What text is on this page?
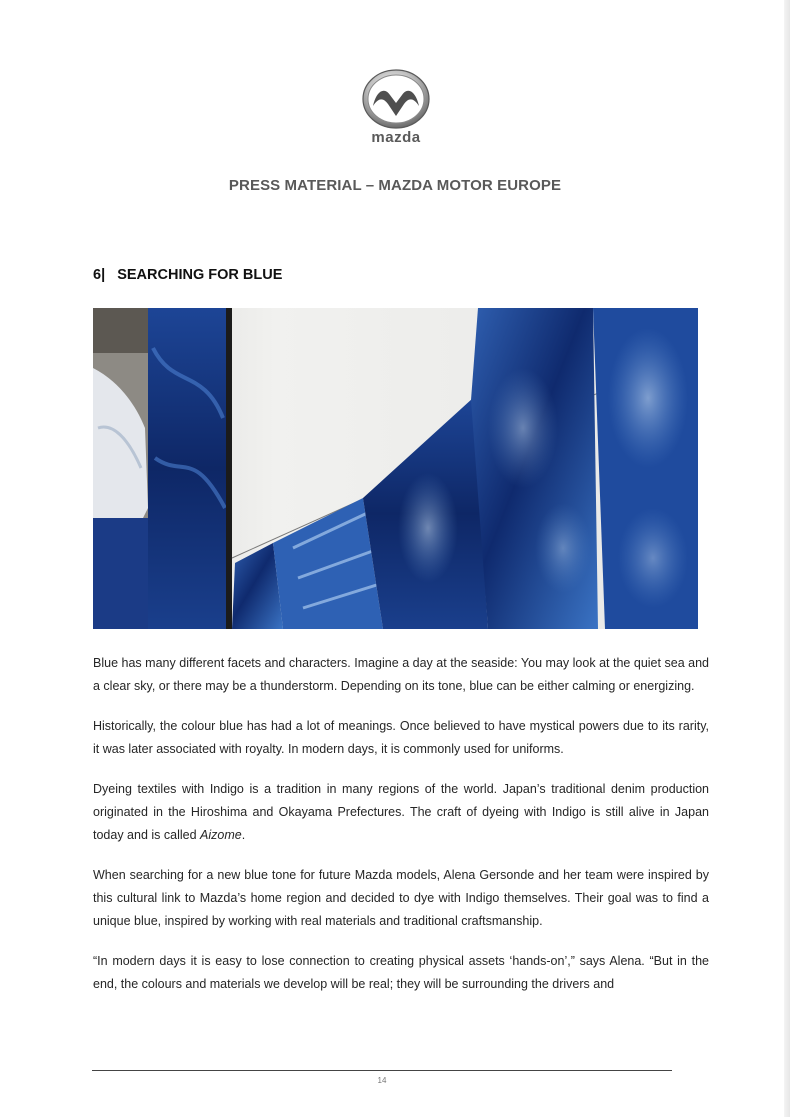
mazda
PRESS MATERIAL – MAZDA MOTOR EUROPE
6| SEARCHING FOR BLUE

Blue has many different facets and characters. Imagine a day at the seaside: You may look at the quiet sea and a clear sky, or there may be a thunderstorm. Depending on its tone, blue can be either calming or energizing.

Historically, the colour blue has had a lot of meanings. Once believed to have mystical powers due to its rarity, it was later associated with royalty. In modern days, it is commonly used for uniforms.

Dyeing textiles with Indigo is a tradition in many regions of the world. Japan’s traditional denim production originated in the Hiroshima and Okayama Prefectures. The craft of dyeing with Indigo is still alive in Japan today and is called Aizome.

When searching for a new blue tone for future Mazda models, Alena Gersonde and her team were inspired by this cultural link to Mazda’s home region and decided to dye with Indigo themselves. Their goal was to find a unique blue, inspired by working with real materials and traditional craftsmanship.

“In modern days it is easy to lose connection to creating physical assets ‘hands-on’,” says Alena. “But in the end, the colours and materials we develop will be real; they will be surrounding the drivers and

14
